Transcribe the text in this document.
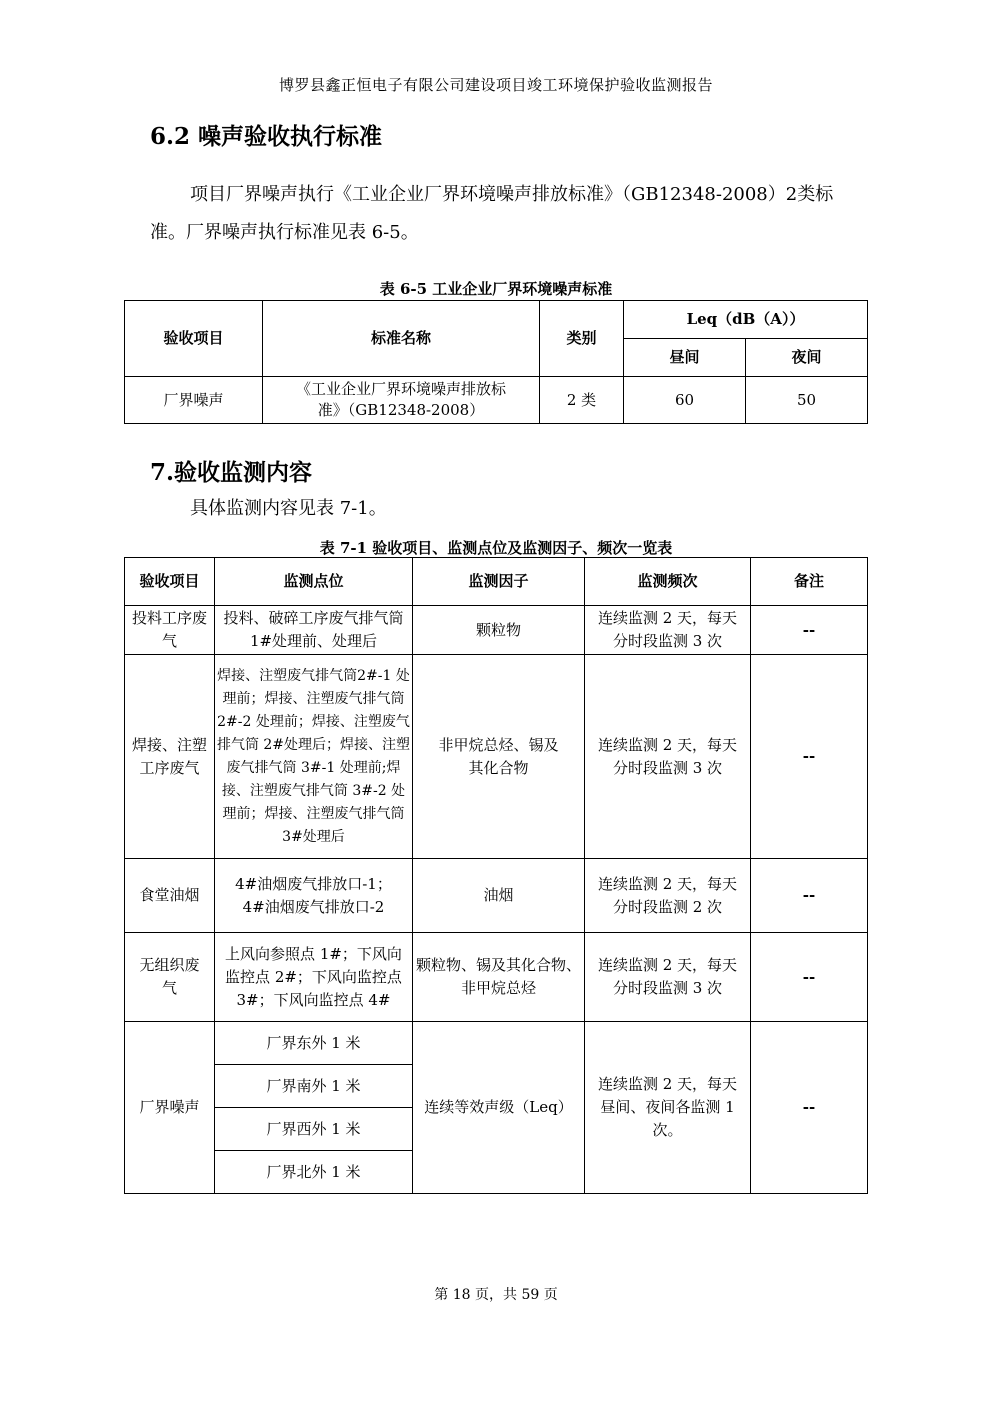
博罗县鑫正恒电子有限公司建设项目竣工环境保护验收监测报告
6.2 噪声验收执行标准
项目厂界噪声执行《工业企业厂界环境噪声排放标准》（GB12348-2008）2类标准。厂界噪声执行标准见表 6-5。
表 6-5 工业企业厂界环境噪声标准
验收项目	标准名称	类别	Leq（dB（A））	
			昼间	夜间
厂界噪声	《工业企业厂界环境噪声排放标准》（GB12348-2008）	2 类	60	50
7.验收监测内容
具体监测内容见表 7-1。
表 7-1 验收项目、监测点位及监测因子、频次一览表
验收项目	监测点位	监测因子	监测频次	备注
投料工序废气	投料、破碎工序废气排气筒 1#处理前、处理后	颗粒物	连续监测 2 天，每天分时段监测 3 次	--
焊接、注塑工序废气	焊接、注塑废气排气筒2#-1 处理前；焊接、注塑废气排气筒 2#-2 处理前；焊接、注塑废气排气筒 2#处理后；焊接、注塑废气排气筒 3#-1 处理前;焊接、注塑废气排气筒 3#-2 处理前；焊接、注塑废气排气筒 3#处理后	非甲烷总烃、锡及其化合物	连续监测 2 天，每天分时段监测 3 次	--
食堂油烟	4#油烟废气排放口-1；4#油烟废气排放口-2	油烟	连续监测 2 天，每天分时段监测 2 次	--
无组织废气	上风向参照点 1#；下风向监控点 2#；下风向监控点 3#；下风向监控点 4#	颗粒物、锡及其化合物、非甲烷总烃	连续监测 2 天，每天分时段监测 3 次	--
厂界噪声	厂界东外 1 米	连续等效声级（Leq）	连续监测 2 天，每天昼间、夜间各监测 1 次。	--
	厂界南外 1 米			
	厂界西外 1 米			
	厂界北外 1 米			
第 18 页，共 59 页
